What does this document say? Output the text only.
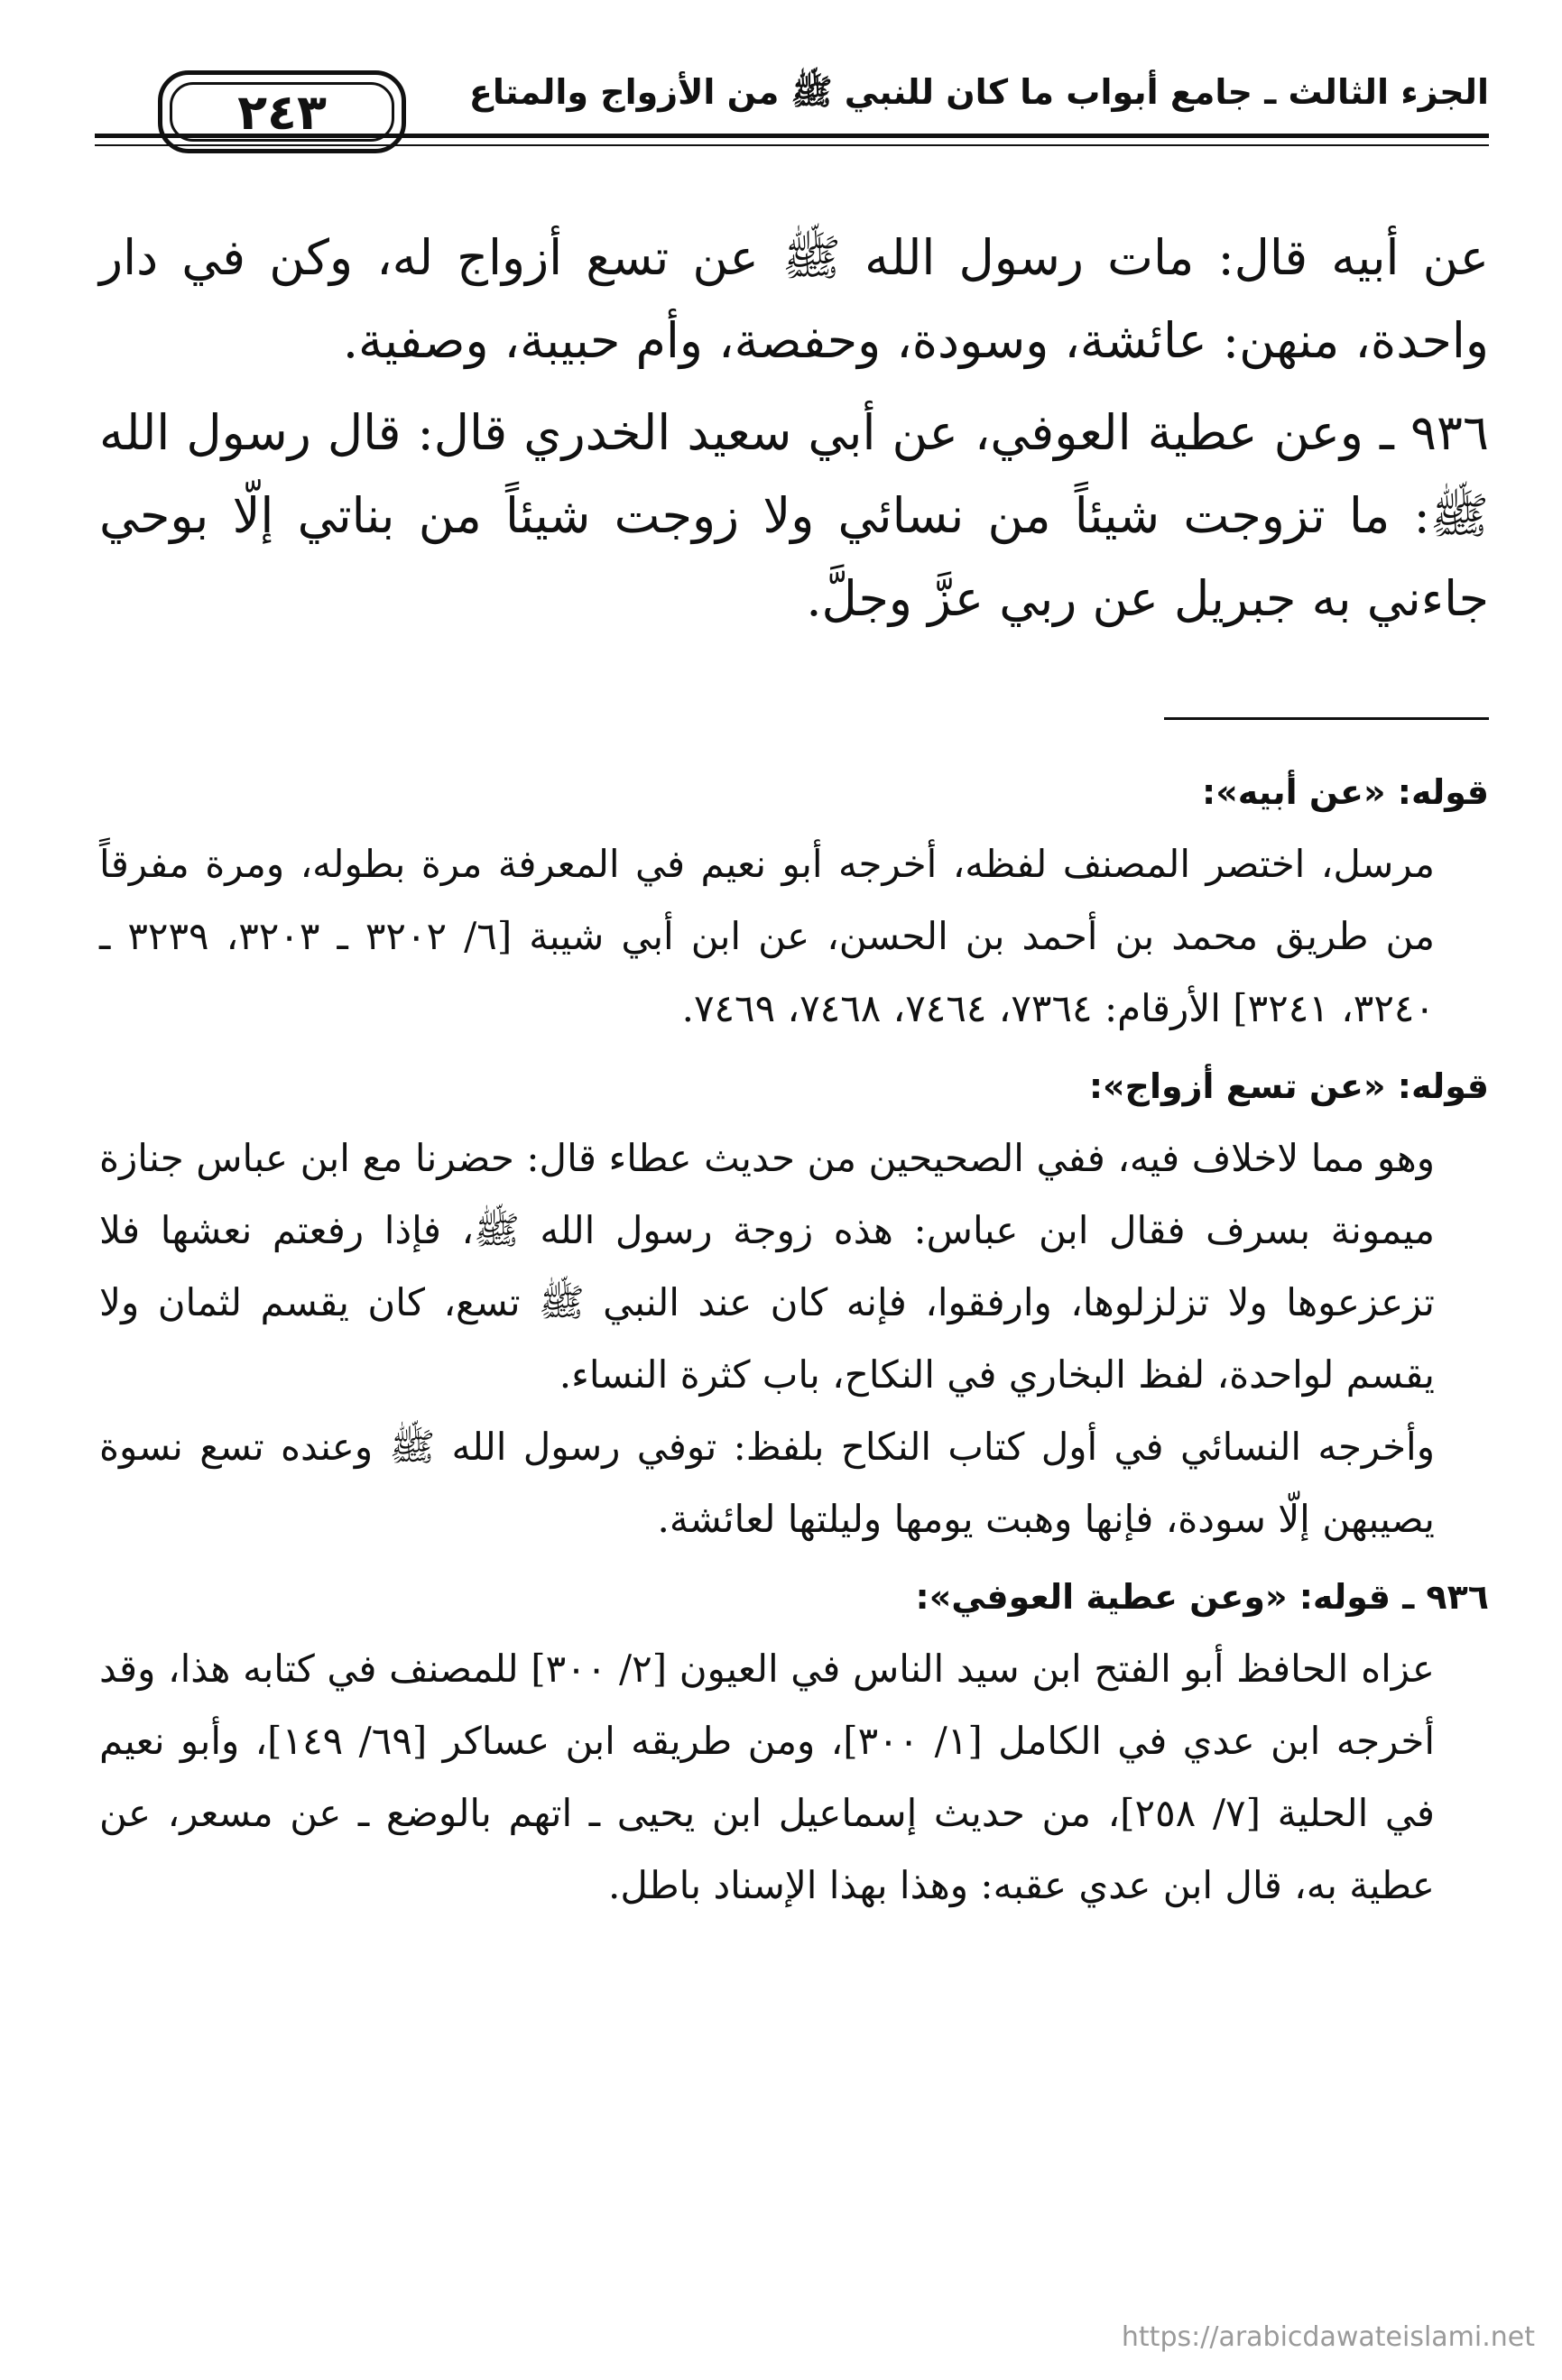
٢٤٣	الجزء الثالث ـ جامع أبواب ما كان للنبي ﷺ من الأزواج والمتاع

عن أبيه قال: مات رسول الله ﷺ عن تسع أزواج له، وكن في دار واحدة، منهن: عائشة، وسودة، وحفصة، وأم حبيبة، وصفية.

٩٣٦ ـ وعن عطية العوفي، عن أبي سعيد الخدري قال: قال رسول الله ﷺ: ما تزوجت شيئاً من نسائي ولا زوجت شيئاً من بناتي إلّا بوحي جاءني به جبريل عن ربي عزَّ وجلَّ.

قوله: «عن أبيه»:

مرسل، اختصر المصنف لفظه، أخرجه أبو نعيم في المعرفة مرة بطوله، ومرة مفرقاً من طريق محمد بن أحمد بن الحسن، عن ابن أبي شيبة [٦/ ٣٢٠٢ ـ ٣٢٠٣، ٣٢٣٩ ـ ٣٢٤٠، ٣٢٤١] الأرقام: ٧٣٦٤، ٧٤٦٤، ٧٤٦٨، ٧٤٦٩.

قوله: «عن تسع أزواج»:

وهو مما لاخلاف فيه، ففي الصحيحين من حديث عطاء قال: حضرنا مع ابن عباس جنازة ميمونة بسرف فقال ابن عباس: هذه زوجة رسول الله ﷺ، فإذا رفعتم نعشها فلا تزعزعوها ولا تزلزلوها، وارفقوا، فإنه كان عند النبي ﷺ تسع، كان يقسم لثمان ولا يقسم لواحدة، لفظ البخاري في النكاح، باب كثرة النساء.

وأخرجه النسائي في أول كتاب النكاح بلفظ: توفي رسول الله ﷺ وعنده تسع نسوة يصيبهن إلّا سودة، فإنها وهبت يومها وليلتها لعائشة.

٩٣٦ ـ قوله: «وعن عطية العوفي»:

عزاه الحافظ أبو الفتح ابن سيد الناس في العيون [٢/ ٣٠٠] للمصنف في كتابه هذا، وقد أخرجه ابن عدي في الكامل [١/ ٣٠٠]، ومن طريقه ابن عساكر [٦٩/ ١٤٩]، وأبو نعيم في الحلية [٧/ ٢٥٨]، من حديث إسماعيل ابن يحيى ـ اتهم بالوضع ـ عن مسعر، عن عطية به، قال ابن عدي عقبه: وهذا بهذا الإسناد باطل.

https://arabicdawateislami.net
